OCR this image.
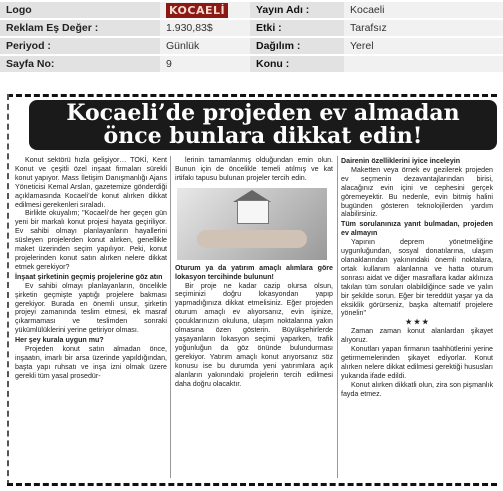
Logo	KOCAELİ	Yayın Adı :	Kocaeli
Reklam Eş Değer :	1.930,83$	Etki :	Tarafsız
Periyod :	Günlük	Dağılım :	Yerel
Sayfa No:	9	Konu :	
Kocaeli’de projeden ev almadan
önce bunlara dikkat edin!

Konut sektörü hızla gelişiyor… TOKİ, Kent Konut ve çeşitli özel inşaat firmaları sürekli konut yapıyor. Mass İletişim Danışmanlığı Ajans Yöneticisi Kemal Arslan, gazetemize gönderdiği açıklamasında Kocaeli’de konut alırken dikkat edilmesi gerekenleri sıraladı.

Birlikte okuyalım; "Kocaeli’de her geçen gün yeni bir markalı konut projesi hayata geçiriliyor. Ev sahibi olmayı planlayanların hayallerini süsleyen projelerden konut alırken, genellikle maket üzerinden seçim yapılıyor. Peki, konut projelerinden konut satın alırken nelere dikkat etmek gerekiyor?

İnşaat şirketinin geçmiş projelerine göz atın

Ev sahibi olmayı planlayanların, öncelikle şirketin geçmişte yaptığı projelere bakması gerekiyor. Burada en önemli unsur, şirketin projeyi zamanında teslim etmesi, ek masraf çıkarmaması ve teslimden sonraki yükümlülüklerini yerine getiriyor olması.

Her şey kurala uygun mu?

Projeden konut satın almadan önce, inşaatın, imarlı bir arsa üzerinde yapıldığından, başta yapı ruhsatı ve inşa izni olmak üzere gerekli tüm yasal prosedür-

lerinin tamamlanmış olduğundan emin olun. Bunun için de öncelikle temeli atılmış ve kat irtifakı tapusu bulunan projeler tercih edin.

Oturum ya da yatırım amaçlı alımlara göre lokasyon tercihinde bulunun!

Bir proje ne kadar cazip olursa olsun, seçiminizi doğru lokasyondan yapıp yapmadığınıza dikkat etmelisiniz. Eğer projeden oturum amaçlı ev alıyorsanız, evin işinize, çocuklarınızın okuluna, ulaşım noktalarına yakın olmasına özen gösterin. Büyükşehirlerde yaşayanların lokasyon seçimi yaparken, trafik yoğunluğun da göz önünde bulundurması gerekiyor. Yatırım amaçlı konut arıyorsanız söz konusu ise bu durumda yeni yatırımlara açık alanların yakınındaki projelerin tercih edilmesi daha doğru olacaktır.

Dairenin özelliklerini iyice inceleyin

Maketten veya örnek ev gezilerek projeden ev seçmenin dezavantajlarından birisi, alacağınız evin içini ve cephesini gerçek göremeyektir. Bu nedenle, evin bitmiş halini bugünden gösteren teknolojilerden yardım alabilirsiniz.

Tüm sorulanınıza yanıt bulmadan, projeden ev almayın

Yapının deprem yönetmeliğine uygunluğundan, sosyal donatılarına, ulaşım olanaklarından yakınındaki önemli noktalara, ortak kullanım alanlarına ve hatta oturum sonrası aidat ve diğer masraflara kadar aklınıza takılan tüm soruları olabildiğince sade ve yalın bir şekilde sorun. Eğer bir tereddüt yaşar ya da eksiklik görürseniz, başka alternatif projelere yönelin"

★ ★ ★

Zaman zaman konut alanlardan şikayet alıyoruz.

Konutları yapan firmanın taahhütlerini yerine getirmemelerinden şikayet ediyorlar. Konut alırken nelere dikkat edilmesi gerektiği hususları yukarıda ifade edildi.

Konut alırken dikkatli olun, zira son pişmanlık fayda etmez.
